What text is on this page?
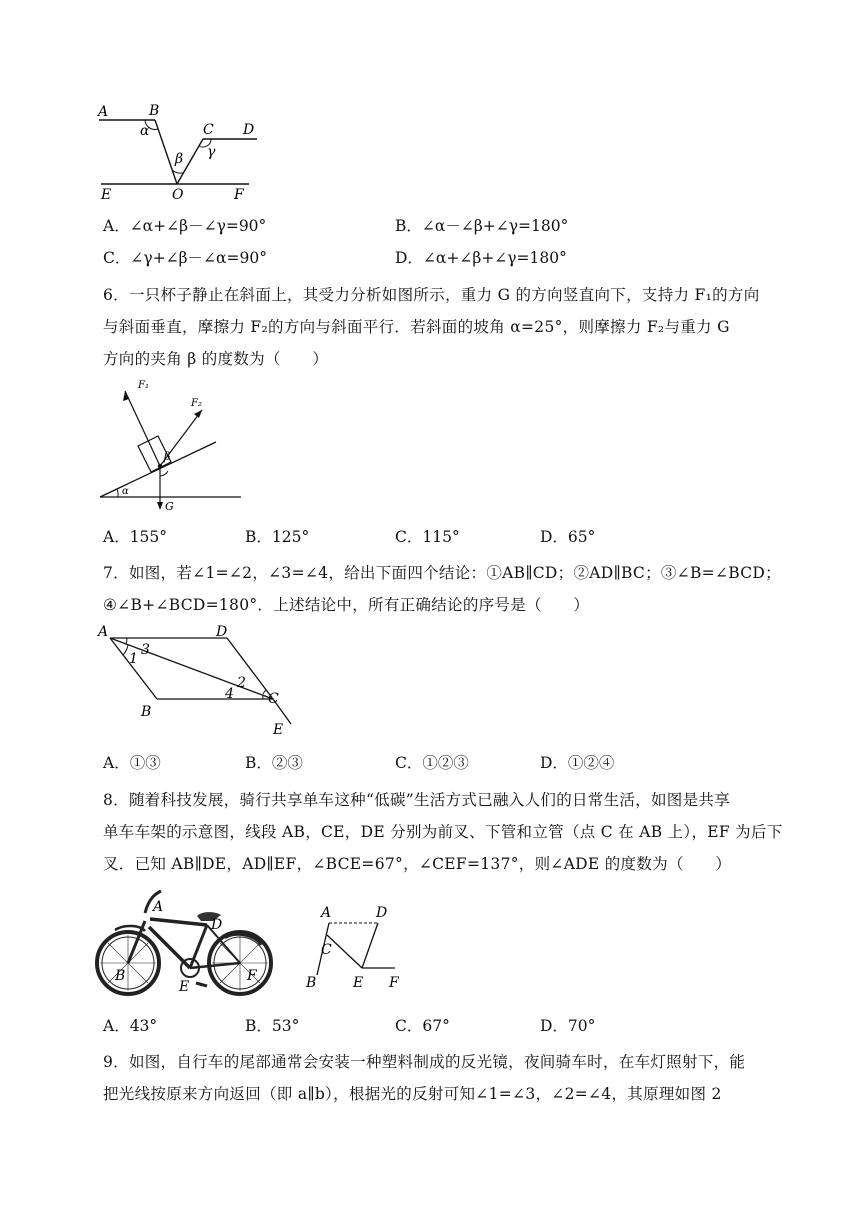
A	B
α	C D
γ
β
E	O	F
A．∠α+∠β－∠γ=90°	B．∠α－∠β+∠γ=180°
C．∠γ+∠β－∠α=90°	D．∠α+∠β+∠γ=180°
6．一只杯子静止在斜面上，其受力分析如图所示，重力 G 的方向竖直向下，支持力 F₁的方向
与斜面垂直，摩擦力 F₂的方向与斜面平行．若斜面的坡角 α=25°，则摩擦力 F₂与重力 G
方向的夹角 β 的度数为（　　）
F₁
F₂
β
α
G
A．155°	B．125°	C．115°	D．65°
7．如图，若∠1=∠2，∠3=∠4，给出下面四个结论：①AB∥CD；②AD∥BC；③∠B=∠BCD；
④∠B+∠BCD=180°．上述结论中，所有正确结论的序号是（　　）
A	D
B
C
E
1
3
2
4
A．①③	B．②③	C．①②③	D．①②④
8．随着科技发展，骑行共享单车这种“低碳”生活方式已融入人们的日常生活，如图是共享
单车车架的示意图，线段 AB，CE，DE 分别为前叉、下管和立管（点 C 在 AB 上），EF 为后下
叉．已知 AB∥DE，AD∥EF，∠BCE=67°，∠CEF=137°，则∠ADE 的度数为（　　）
A
D
B
E
F
A	D
C
B	E F
A．43°	B．53°	C．67°	D．70°
9．如图，自行车的尾部通常会安装一种塑料制成的反光镜，夜间骑车时，在车灯照射下，能
把光线按原来方向返回（即 a∥b），根据光的反射可知∠1=∠3，∠2=∠4，其原理如图 2
